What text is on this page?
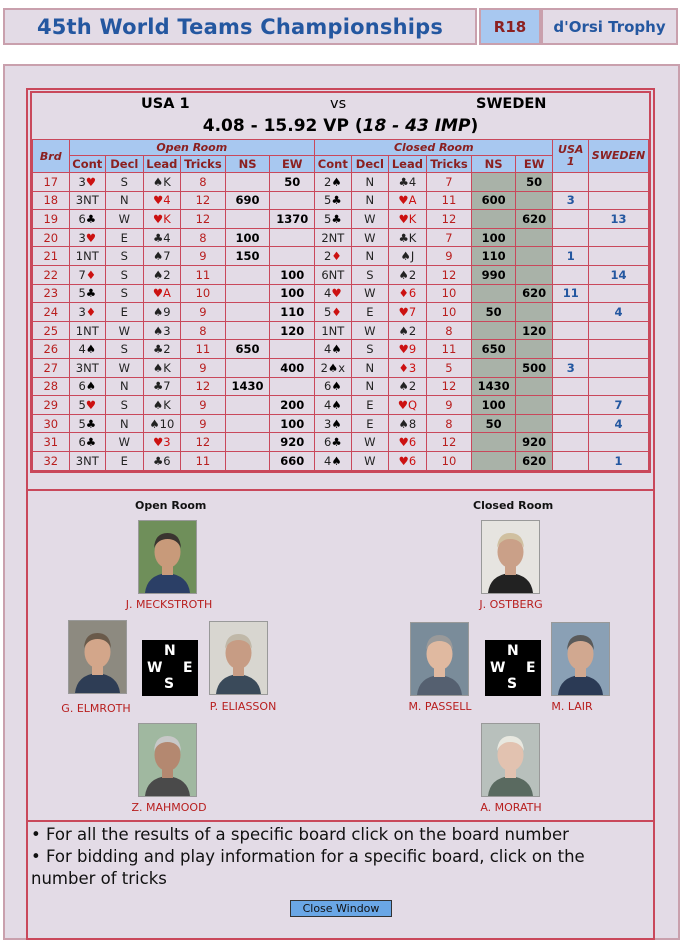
45th World Teams Championships	R18	d'Orsi Trophy
USA 1	vs	SWEDEN
4.08 - 15.92 VP (18 - 43 IMP)
Brd	Open Room						Closed Room						USA 1	SWEDEN
	Cont	Decl	Lead	Tricks	NS	EW	Cont	Decl	Lead	Tricks	NS	EW		
17	3♥	S	♠K	8		50	2♠	N	♣4	7		50		
18	3NT	N	♥4	12	690		5♣	N	♥A	11	600		3	
19	6♣	W	♥K	12		1370	5♣	W	♥K	12		620		13
20	3♥	E	♣4	8	100		2NT	W	♣K	7	100			
21	1NT	S	♠7	9	150		2♦	N	♠J	9	110		1	
22	7♦	S	♠2	11		100	6NT	S	♠2	12	990			14
23	5♣	S	♥A	10		100	4♥	W	♦6	10		620	11	
24	3♦	E	♠9	9		110	5♦	E	♥7	10	50			4
25	1NT	W	♠3	8		120	1NT	W	♠2	8		120		
26	4♠	S	♣2	11	650		4♠	S	♥9	11	650			
27	3NT	W	♠K	9		400	2♠x	N	♦3	5		500	3	
28	6♠	N	♣7	12	1430		6♠	N	♠2	12	1430			
29	5♥	S	♠K	9		200	4♠	E	♥Q	9	100			7
30	5♣	N	♠10	9		100	3♠	E	♠8	8	50			4
31	6♣	W	♥3	12		920	6♣	W	♥6	12		920		
32	3NT	E	♣6	11		660	4♠	W	♥6	10		620		1
Open Room	Closed Room
J. MECKSTROTH
G. ELMROTH	P. ELIASSON
N
W E
S
Z. MAHMOOD
J. OSTBERG
M. PASSELL	M. LAIR
N
W E
S
A. MORATH
• For all the results of a specific board click on the board number
• For bidding and play information for a specific board, click on the number of tricks
Close Window
